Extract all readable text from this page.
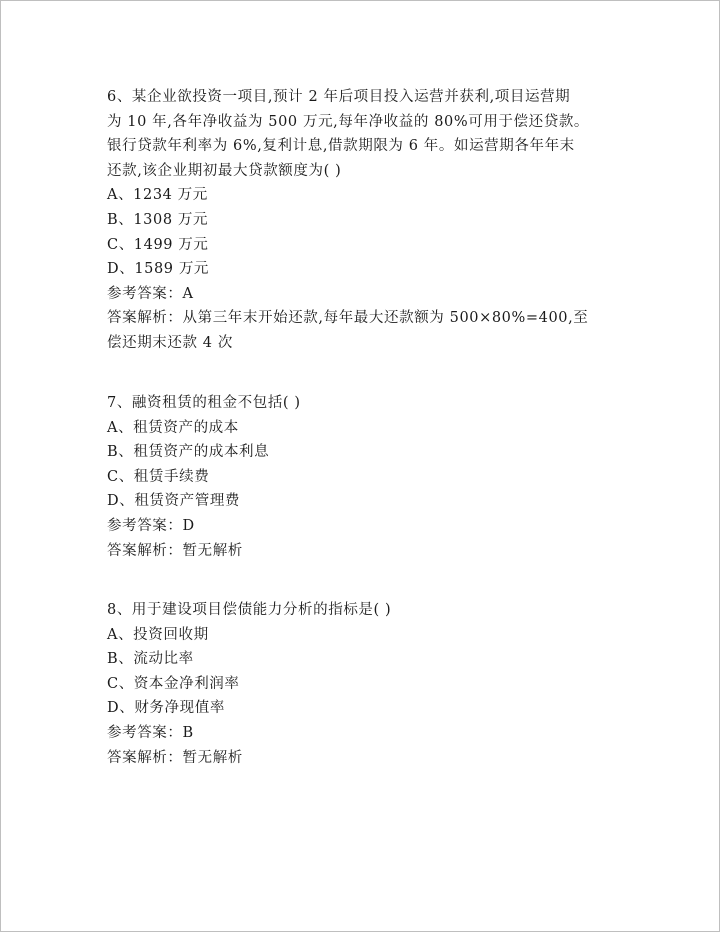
6、某企业欲投资一项目,预计 2 年后项目投入运营并获利,项目运营期
为 10 年,各年净收益为 500 万元,每年净收益的 80%可用于偿还贷款。
银行贷款年利率为 6%,复利计息,借款期限为 6 年。如运营期各年年末
还款,该企业期初最大贷款额度为( )
A、1234 万元
B、1308 万元
C、1499 万元
D、1589 万元
参考答案：A
答案解析：从第三年末开始还款,每年最大还款额为 500×80%=400,至
偿还期末还款 4 次
7、融资租赁的租金不包括( )
A、租赁资产的成本
B、租赁资产的成本利息
C、租赁手续费
D、租赁资产管理费
参考答案：D
答案解析：暂无解析
8、用于建设项目偿债能力分析的指标是( )
A、投资回收期
B、流动比率
C、资本金净利润率
D、财务净现值率
参考答案：B
答案解析：暂无解析
